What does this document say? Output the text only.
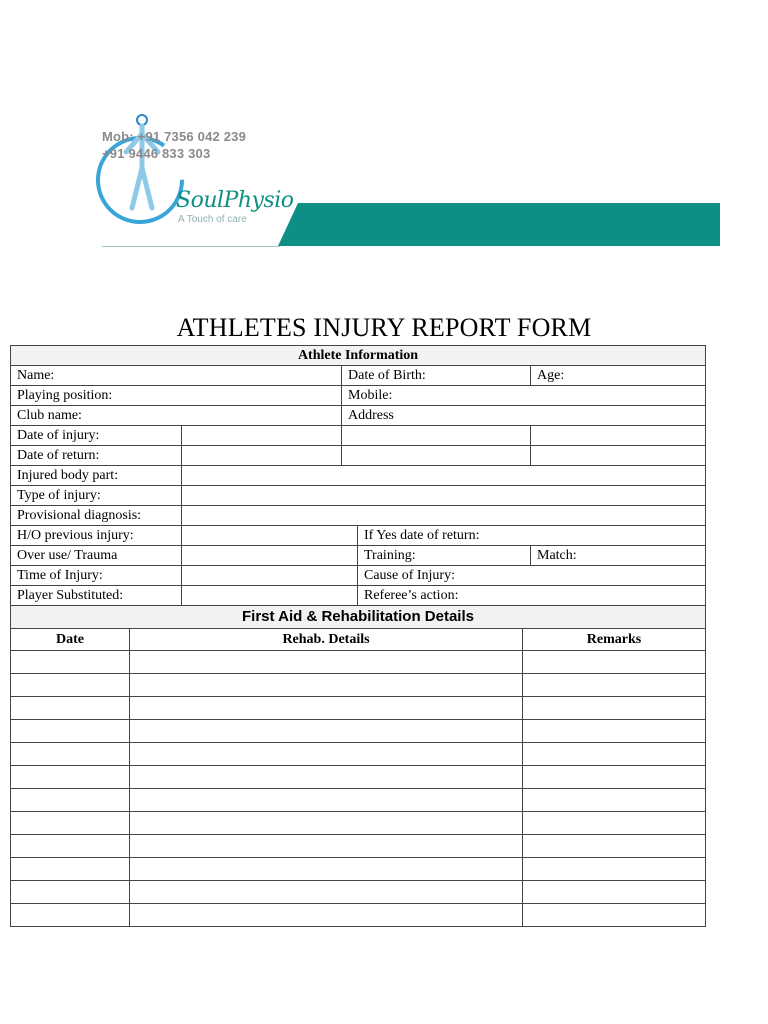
Mob: +91 7356 042 239
+91 9446 833 303
SoulPhysio
A Touch of care
ATHLETES INJURY REPORT FORM
Athlete Information				
Name:		Date of Birth:		Age:
Playing position:		Mobile:		
Club name:		Address		
Date of injury:				
Date of return:				
Injured body part:				
Type of injury:				
Provisional diagnosis:				
H/O previous injury:			If Yes date of return:	
Over use/ Trauma			Training:	Match:
Time of Injury:			Cause of Injury:	
Player Substituted:			Referee’s action:	
First Aid & Rehabilitation Details		
Date	Rehab. Details	Remarks
